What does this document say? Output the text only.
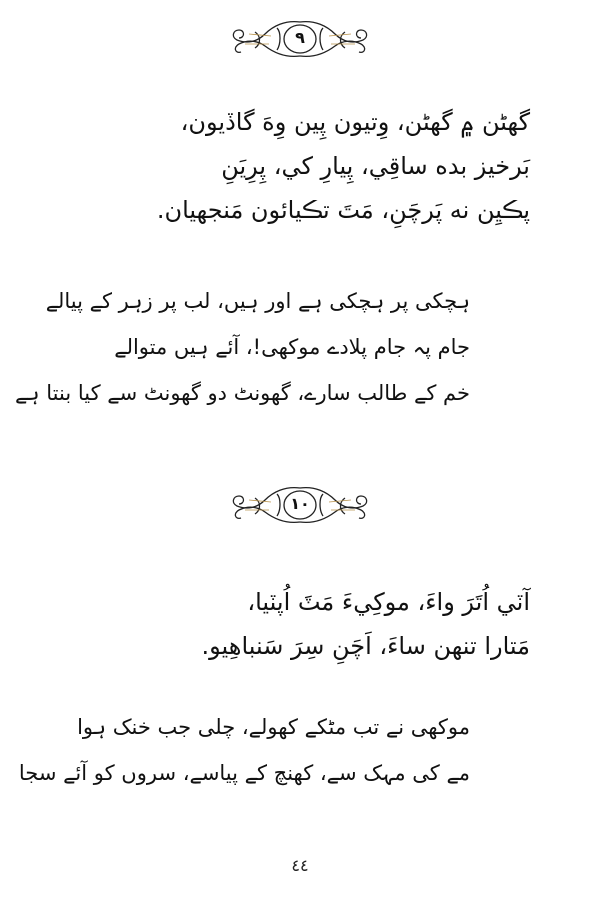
٩
گھڻن ۾ گھڻن، وِتيون پِين وِهَ گاڏيون،
بَرخيز بده ساقِي، پِيارِ کي، پِرِيَنِ
پڪيِن نه پَرچَنِ، مَتَ تڪيائون مَنجهيان.
ہچکی پر ہچکی ہے اور ہیں، لب پر زہر کے پیالے
جام پہ جام پلادے موکھی!، آئے ہیں متوالے
خم کے طالب سارے، گھونٹ دو گھونٹ سے کیا بنتا ہے
١٠
آٽي اُتَرَ واءَ، موکِيءَ مَٽَ اُپٽيا،
مَتارا تنهن ساءَ، اَچَنِ سِرَ سَنباهِيو.
موکھی نے تب مٹکے کھولے، چلی جب خنک ہوا
مے کی مہک سے، کھنچ کے پیاسے، سروں کو آئے سجا
٤٤
